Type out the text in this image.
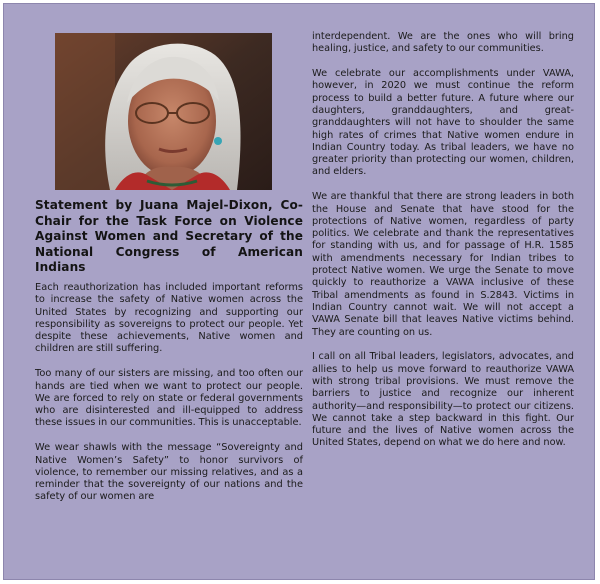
Statement by Juana Majel-Dixon, Co-Chair for the Task Force on Violence Against Women and Secretary of the National Congress of American Indians

Each reauthorization has included important reforms to increase the safety of Native women across the United States by recognizing and supporting our responsibility as sovereigns to protect our people. Yet despite these achievements, Native women and children are still suffering.

Too many of our sisters are missing, and too often our hands are tied when we want to protect our people. We are forced to rely on state or federal governments who are disinterested and ill-equipped to address these issues in our communities. This is unacceptable.

We wear shawls with the message “Sovereignty and Native Women’s Safety” to honor survivors of violence, to remember our missing relatives, and as a reminder that the sovereignty of our nations and the safety of our women are

interdependent. We are the ones who will bring healing, justice, and safety to our communities.

We celebrate our accomplishments under VAWA, however, in 2020 we must continue the reform process to build a better future. A future where our daughters, granddaughters, and great-granddaughters will not have to shoulder the same high rates of crimes that Native women endure in Indian Country today. As tribal leaders, we have no greater priority than protecting our women, children, and elders.

We are thankful that there are strong leaders in both the House and Senate that have stood for the protections of Native women, regardless of party politics. We celebrate and thank the representatives for standing with us, and for passage of H.R. 1585 with amendments necessary for Indian tribes to protect Native women. We urge the Senate to move quickly to reauthorize a VAWA inclusive of these Tribal amendments as found in S.2843. Victims in Indian Country cannot wait. We will not accept a VAWA Senate bill that leaves Native victims behind. They are counting on us.

I call on all Tribal leaders, legislators, advocates, and allies to help us move forward to reauthorize VAWA with strong tribal provisions. We must remove the barriers to justice and recognize our inherent authority—and responsibility—to protect our citizens. We cannot take a step backward in this fight. Our future and the lives of Native women across the United States, depend on what we do here and now.
